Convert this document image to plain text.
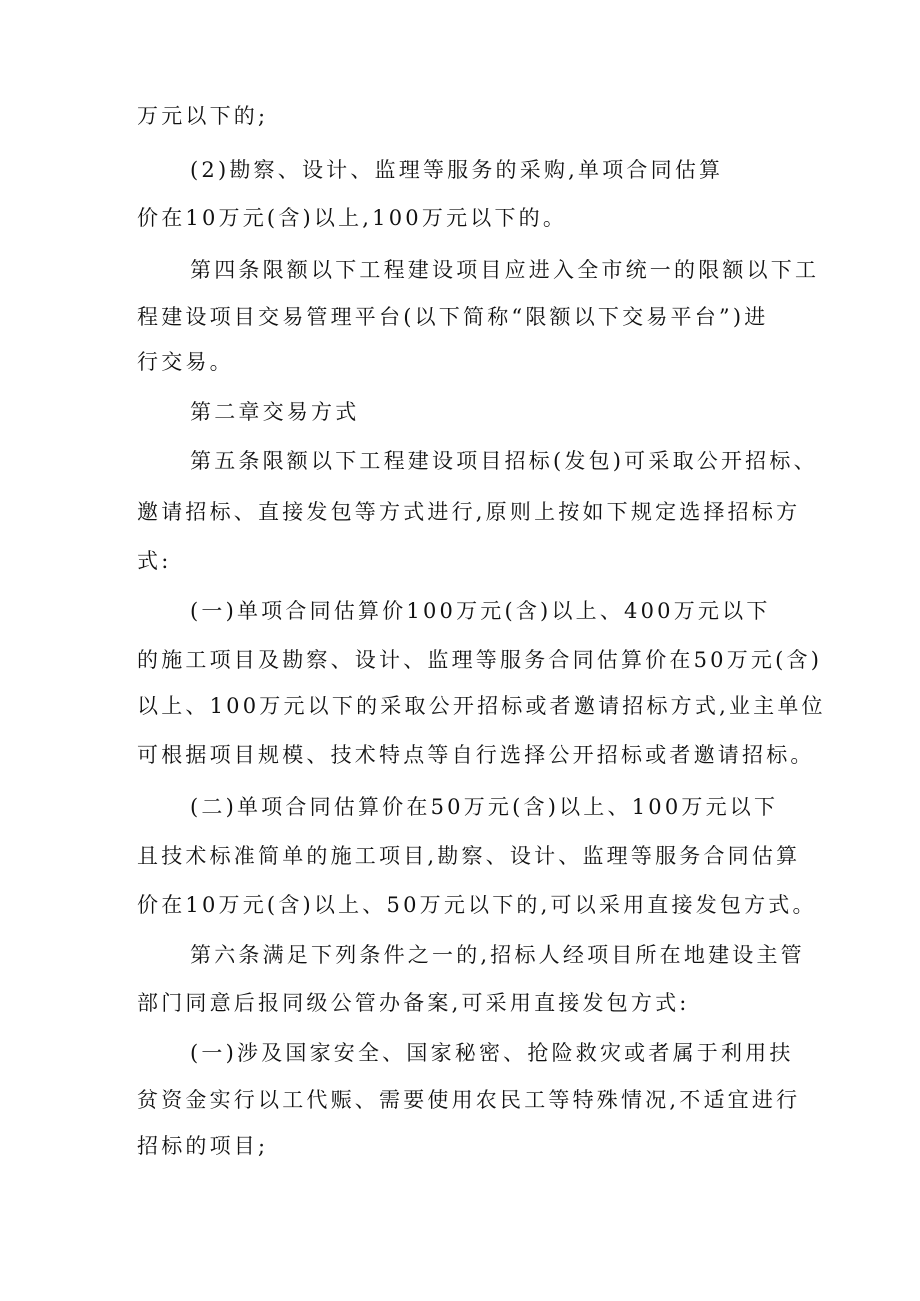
万元以下的;
(2)勘察、设计、监理等服务的采购,单项合同估算
价在10万元(含)以上,100万元以下的。
第四条限额以下工程建设项目应进入全市统一的限额以下工
程建设项目交易管理平台(以下简称“限额以下交易平台”)进
行交易。
第二章交易方式
第五条限额以下工程建设项目招标(发包)可采取公开招标、
邀请招标、直接发包等方式进行,原则上按如下规定选择招标方
式:
(一)单项合同估算价100万元(含)以上、400万元以下
的施工项目及勘察、设计、监理等服务合同估算价在50万元(含)
以上、100万元以下的采取公开招标或者邀请招标方式,业主单位
可根据项目规模、技术特点等自行选择公开招标或者邀请招标。
(二)单项合同估算价在50万元(含)以上、100万元以下
且技术标准简单的施工项目,勘察、设计、监理等服务合同估算
价在10万元(含)以上、50万元以下的,可以采用直接发包方式。
第六条满足下列条件之一的,招标人经项目所在地建设主管
部门同意后报同级公管办备案,可采用直接发包方式:
(一)涉及国家安全、国家秘密、抢险救灾或者属于利用扶
贫资金实行以工代赈、需要使用农民工等特殊情况,不适宜进行
招标的项目;
